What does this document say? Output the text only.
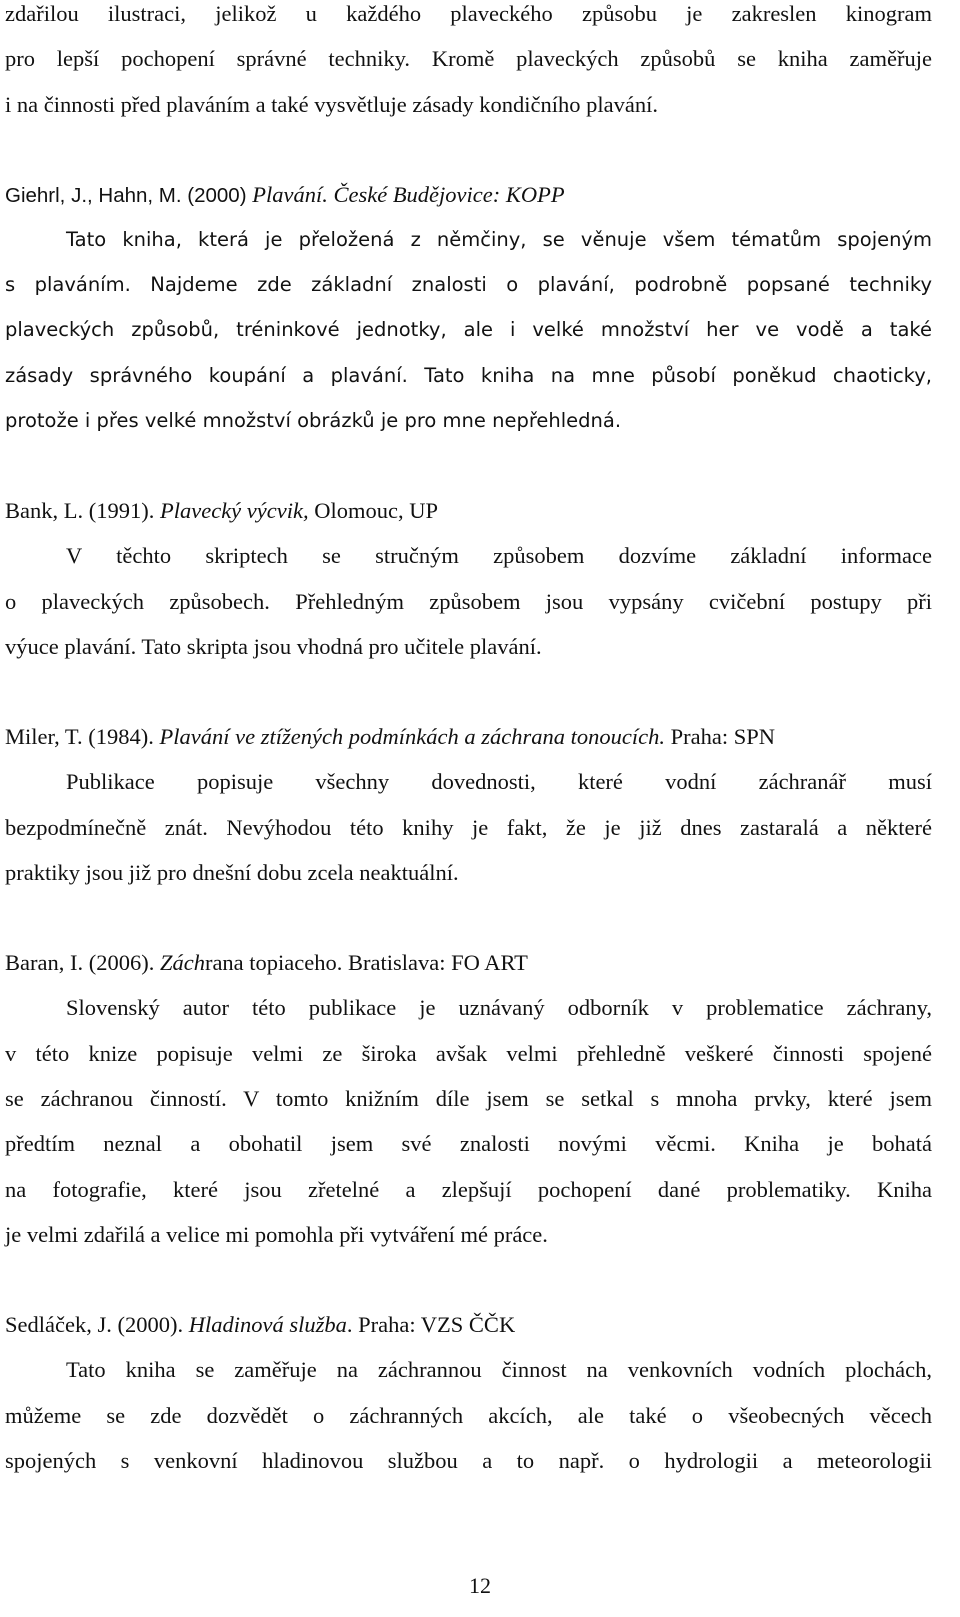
zdařilou ilustraci, jelikož u každého plaveckého způsobu je zakreslen kinogram
pro lepší pochopení správné techniky. Kromě plaveckých způsobů se kniha zaměřuje
i na činnosti před plaváním a také vysvětluje zásady kondičního plavání.
Giehrl, J., Hahn, M. (2000) Plavání. České Budějovice: KOPP
Tato kniha, která je přeložená z němčiny, se věnuje všem tématům spojeným
s plaváním. Najdeme zde základní znalosti o plavání, podrobně popsané techniky
plaveckých způsobů, tréninkové jednotky, ale i velké množství her ve vodě a také
zásady správného koupání a plavání. Tato kniha na mne působí poněkud chaoticky,
protože i přes velké množství obrázků je pro mne nepřehledná.
Bank, L. (1991). Plavecký výcvik, Olomouc, UP
V těchto skriptech se stručným způsobem dozvíme základní informace
o plaveckých způsobech. Přehledným způsobem jsou vypsány cvičební postupy při
výuce plavání. Tato skripta jsou vhodná pro učitele plavání.
Miler, T. (1984). Plavání ve ztížených podmínkách a záchrana tonoucích. Praha: SPN
Publikace popisuje všechny dovednosti, které vodní záchranář musí
bezpodmínečně znát. Nevýhodou této knihy je fakt, že je již dnes zastaralá a některé
praktiky jsou již pro dnešní dobu zcela neaktuální.
Baran, I. (2006). Záchrana topiaceho. Bratislava: FO ART
Slovenský autor této publikace je uznávaný odborník v problematice záchrany,
v této knize popisuje velmi ze široka avšak velmi přehledně veškeré činnosti spojené
se záchranou činností. V tomto knižním díle jsem se setkal s mnoha prvky, které jsem
předtím neznal a obohatil jsem své znalosti novými věcmi. Kniha je bohatá
na fotografie, které jsou zřetelné a zlepšují pochopení dané problematiky. Kniha
je velmi zdařilá a velice mi pomohla při vytváření mé práce.
Sedláček, J. (2000). Hladinová služba. Praha: VZS ČČK
Tato kniha se zaměřuje na záchrannou činnost na venkovních vodních plochách,
můžeme se zde dozvědět o záchranných akcích, ale také o všeobecných věcech
spojených s venkovní hladinovou službou a to např. o hydrologii a meteorologii
12
